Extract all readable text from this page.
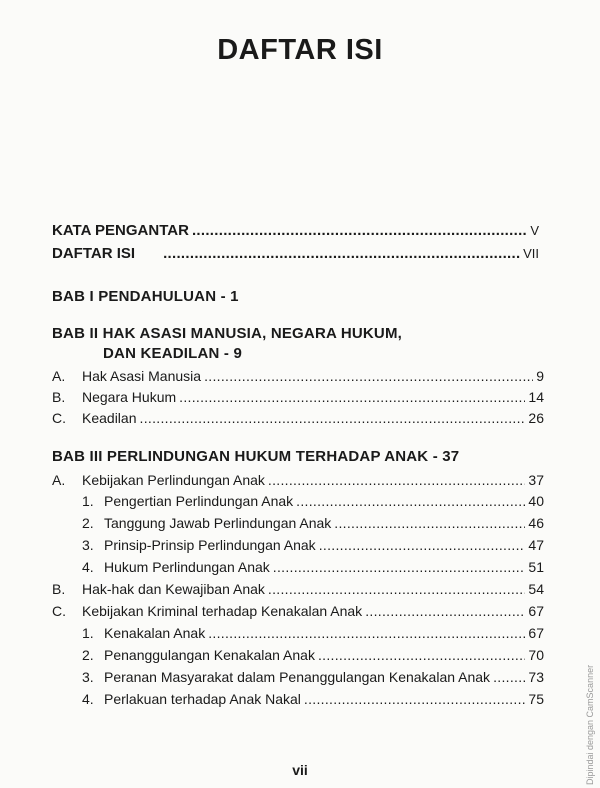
DAFTAR ISI
KATA PENGANTAR .....	V
DAFTAR ISI .....	VII
BAB I PENDAHULUAN - 1
BAB II HAK ASASI MANUSIA, NEGARA HUKUM,
DAN KEADILAN - 9
A.	Hak Asasi Manusia .....	9
B.	Negara Hukum .....	14
C.	Keadilan .....	26
BAB III PERLINDUNGAN HUKUM TERHADAP ANAK - 37
A.	Kebijakan Perlindungan Anak .....	37
1. Pengertian Perlindungan Anak .....	40
2. Tanggung Jawab Perlindungan Anak .....	46
3. Prinsip-Prinsip Perlindungan Anak .....	47
4. Hukum Perlindungan Anak .....	51
B.	Hak-hak dan Kewajiban Anak .....	54
C.	Kebijakan Kriminal terhadap Kenakalan Anak .....	67
1. Kenakalan Anak .....	67
2. Penanggulangan Kenakalan Anak .....	70
3. Peranan Masyarakat dalam Penanggulangan Kenakalan Anak .....	73
4. Perlakuan terhadap Anak Nakal .....	75
vii	Dipindai dengan CamScanner
